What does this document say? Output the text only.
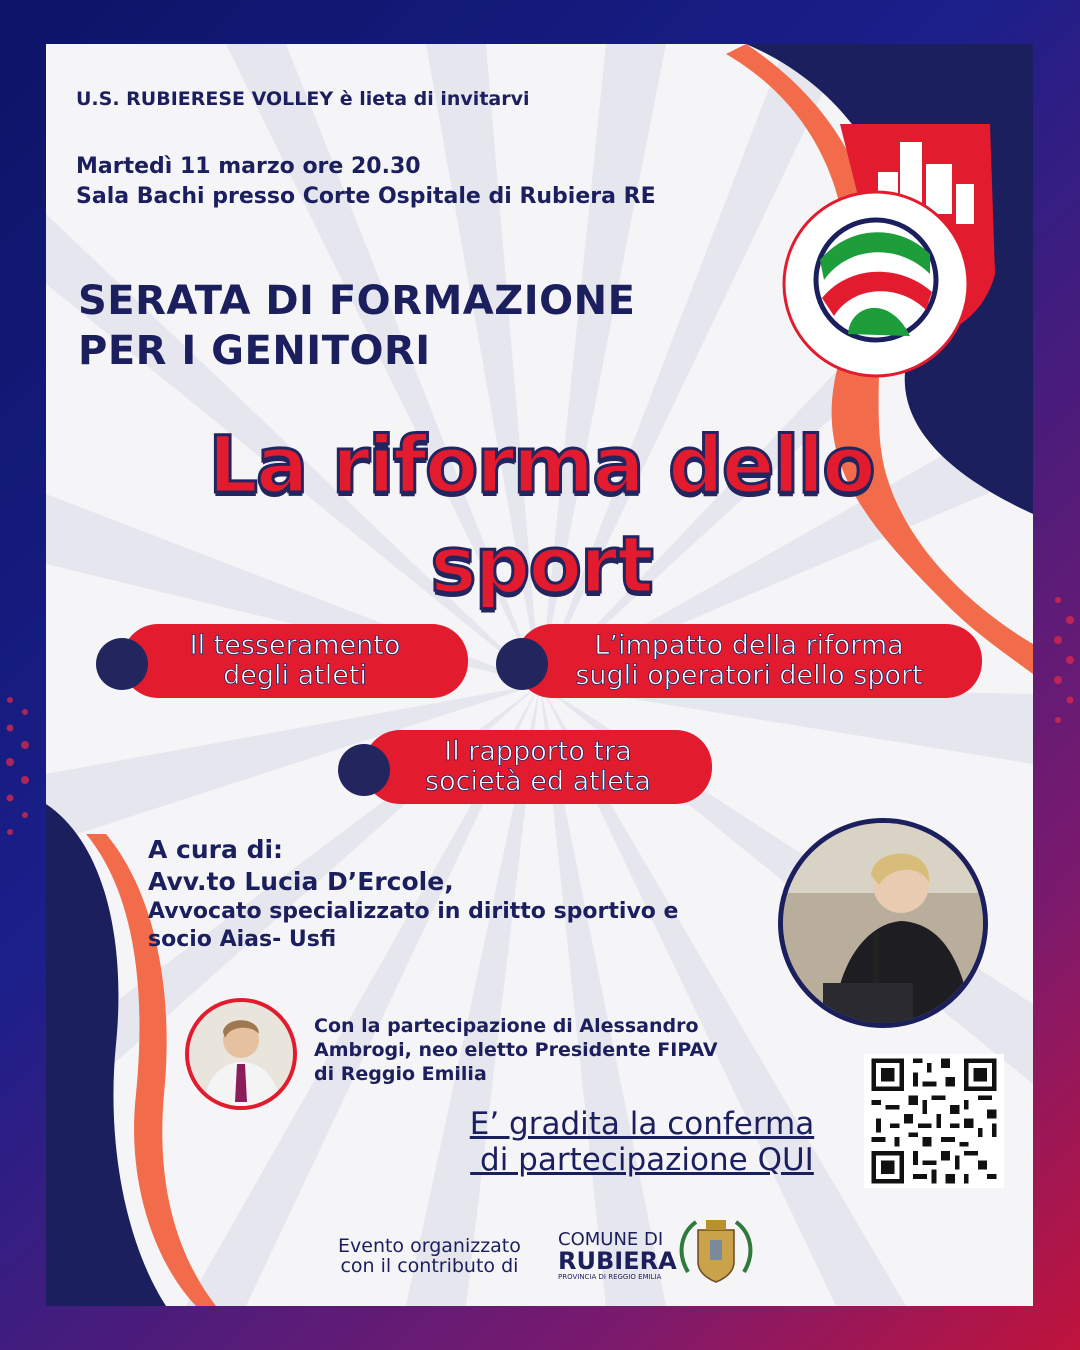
U.S. RUBIERESE VOLLEY è lieta di invitarvi

Martedì 11 marzo ore 20.30
Sala Bachi presso Corte Ospitale di Rubiera RE

SERATA DI FORMAZIONE
PER I GENITORI

La riforma dello
sport
Il tesseramento
degli atleti
L’impatto della riforma
sugli operatori dello sport
Il rapporto tra
società ed atleta
A cura di:
Avv.to Lucia D’Ercole,
Avvocato specializzato in diritto sportivo e
socio Aias- Usfi
Con la partecipazione di Alessandro
Ambrogi, neo eletto Presidente FIPAV
di Reggio Emilia
E’ gradita la conferma
di partecipazione QUI
Evento organizzato
con il contributo di
COMUNE DI
RUBIERA
PROVINCIA DI REGGIO EMILIA
